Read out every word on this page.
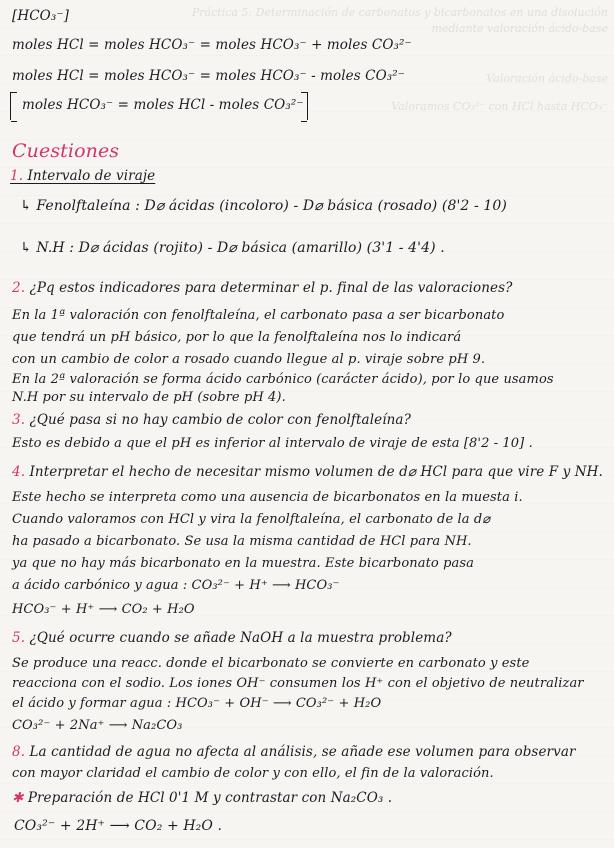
Práctica 5: Determinación de carbonatos y bicarbonatos en una disolución
mediante valoración ácido-base
Valoración ácido-base
Valoramos CO₃²⁻ con HCl hasta HCO₃⁻
[HCO₃⁻]
moles HCl = moles HCO₃⁻ = moles HCO₃⁻ + moles CO₃²⁻
moles HCl = moles HCO₃⁻ = moles HCO₃⁻ - moles CO₃²⁻
moles HCO₃⁻ = moles HCl - moles CO₃²⁻
Cuestiones
1. Intervalo de viraje
↳ Fenolftaleína : D⌀ ácidas (incoloro) - D⌀ básica (rosado) (8'2 - 10)
↳ N.H : D⌀ ácidas (rojito) - D⌀ básica (amarillo) (3'1 - 4'4) .
2. ¿Pq estos indicadores para determinar el p. final de las valoraciones?
En la 1ª valoración con fenolftaleína, el carbonato pasa a ser bicarbonato
que tendrá un pH básico, por lo que la fenolftaleína nos lo indicará
con un cambio de color a rosado cuando llegue al p. viraje sobre pH 9.
En la 2ª valoración se forma ácido carbónico (carácter ácido), por lo que usamos
N.H por su intervalo de pH (sobre pH 4).
3. ¿Qué pasa si no hay cambio de color con fenolftaleína?
Esto es debido a que el pH es inferior al intervalo de viraje de esta [8'2 - 10] .
4. Interpretar el hecho de necesitar mismo volumen de d⌀ HCl para que vire F y NH.
Este hecho se interpreta como una ausencia de bicarbonatos en la muesta i.
Cuando valoramos con HCl y vira la fenolftaleína, el carbonato de la d⌀
ha pasado a bicarbonato. Se usa la misma cantidad de HCl para NH.
ya que no hay más bicarbonato en la muestra. Este bicarbonato pasa
a ácido carbónico y agua : CO₃²⁻ + H⁺ ⟶ HCO₃⁻
HCO₃⁻ + H⁺ ⟶ CO₂ + H₂O
5. ¿Qué ocurre cuando se añade NaOH a la muestra problema?
Se produce una reacc. donde el bicarbonato se convierte en carbonato y este
reacciona con el sodio. Los iones OH⁻ consumen los H⁺ con el objetivo de neutralizar
el ácido y formar agua : HCO₃⁻ + OH⁻ ⟶ CO₃²⁻ + H₂O
CO₃²⁻ + 2Na⁺ ⟶ Na₂CO₃
8. La cantidad de agua no afecta al análisis, se añade ese volumen para observar
con mayor claridad el cambio de color y con ello, el fin de la valoración.
✱ Preparación de HCl 0'1 M y contrastar con Na₂CO₃ .
CO₃²⁻ + 2H⁺ ⟶ CO₂ + H₂O .
